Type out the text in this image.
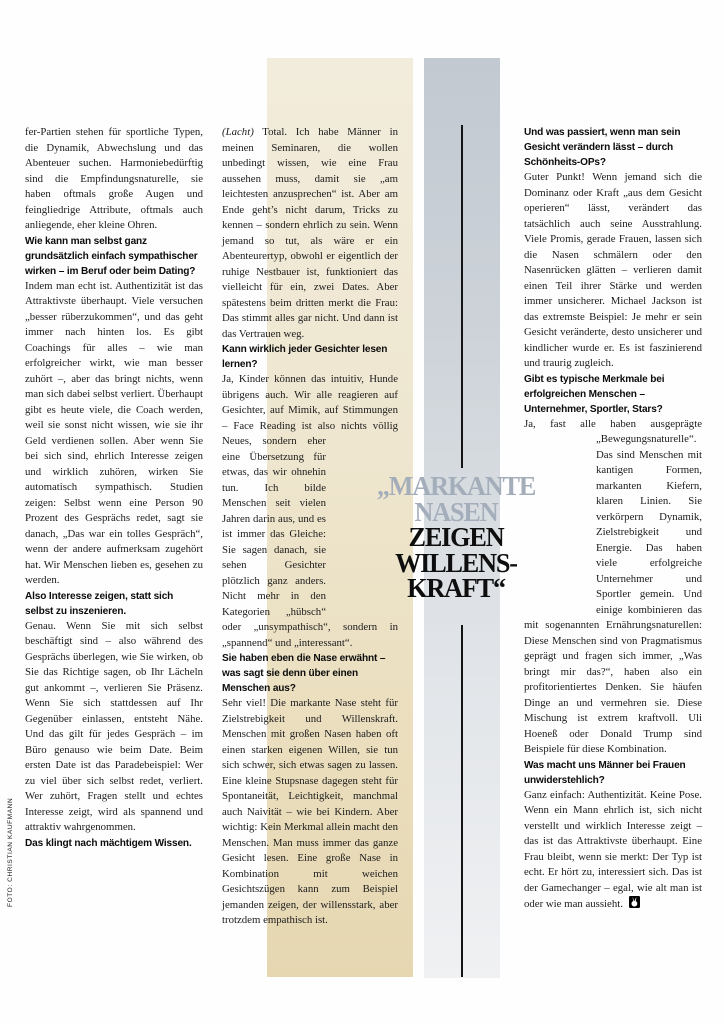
FOTO: CHRISTIAN KAUFMANN

fer-Partien stehen für sportliche Typen, die Dynamik, Abwechslung und das Abenteuer suchen. Harmoniebedürftig sind die Empfindungsnaturelle, sie haben oftmals große Augen und feingliedrige Attribute, oftmals auch anliegende, eher kleine Ohren.

Wie kann man selbst ganz grundsätzlich einfach sympathischer wirken – im Beruf oder beim Dating?

Indem man echt ist. Authentizität ist das Attraktivste überhaupt. Viele versuchen „besser rüberzukommen“, und das geht immer nach hinten los. Es gibt Coachings für alles – wie man erfolgreicher wirkt, wie man besser zuhört –, aber das bringt nichts, wenn man sich dabei selbst verliert. Überhaupt gibt es heute viele, die Coach werden, weil sie sonst nicht wissen, wie sie ihr Geld verdienen sollen. Aber wenn Sie bei sich sind, ehrlich Interesse zeigen und wirklich zuhören, wirken Sie automatisch sympathisch. Studien zeigen: Selbst wenn eine Person 90 Prozent des Gesprächs redet, sagt sie danach, „Das war ein tolles Gespräch“, wenn der andere aufmerksam zugehört hat. Wir Menschen lieben es, gesehen zu werden.

Also Interesse zeigen, statt sich selbst zu inszenieren.

Genau. Wenn Sie mit sich selbst beschäftigt sind – also während des Gesprächs überlegen, wie Sie wirken, ob Sie das Richtige sagen, ob Ihr Lächeln gut ankommt –, verlieren Sie Präsenz. Wenn Sie sich stattdessen auf Ihr Gegenüber einlassen, entsteht Nähe. Und das gilt für jedes Gespräch – im Büro genauso wie beim Date. Beim ersten Date ist das Paradebeispiel: Wer zu viel über sich selbst redet, verliert. Wer zuhört, Fragen stellt und echtes Interesse zeigt, wird als spannend und attraktiv wahrgenommen.

Das klingt nach mächtigem Wissen.

(Lacht) Total. Ich habe Männer in meinen Seminaren, die wollen unbedingt wissen, wie eine Frau aussehen muss, damit sie „am leichtesten anzusprechen“ ist. Aber am Ende geht’s nicht darum, Tricks zu kennen – sondern ehrlich zu sein. Wenn jemand so tut, als wäre er ein Abenteurertyp, obwohl er eigentlich der ruhige Nestbauer ist, funktioniert das vielleicht für ein, zwei Dates. Aber spätestens beim dritten merkt die Frau: Das stimmt alles gar nicht. Und dann ist das Vertrauen weg.

Kann wirklich jeder Gesichter lesen lernen?

Ja, Kinder können das intuitiv, Hunde übrigens auch. Wir alle reagieren auf Gesichter, auf Mimik, auf Stimmungen – Face Reading ist also nichts völlig Neues, sondern eher eine Übersetzung für etwas, das wir ohnehin tun. Ich bilde Menschen seit vielen Jahren darin aus, und es ist immer das Gleiche: Sie sagen danach, sie sehen Gesichter plötzlich ganz anders. Nicht mehr in den Kategorien „hübsch“ oder „unsympathisch“, sondern in „spannend“ und „interessant“.

Sie haben eben die Nase erwähnt – was sagt sie denn über einen Menschen aus?

Sehr viel! Die markante Nase steht für Zielstrebigkeit und Willenskraft. Menschen mit großen Nasen haben oft einen starken eigenen Willen, sie tun sich schwer, sich etwas sagen zu lassen. Eine kleine Stupsnase dagegen steht für Spontaneität, Leichtigkeit, manchmal auch Naivität – wie bei Kindern. Aber wichtig: Kein Merkmal allein macht den Menschen. Man muss immer das ganze Gesicht lesen. Eine große Nase in Kombination mit weichen Gesichtszügen kann zum Beispiel jemanden zeigen, der willensstark, aber trotzdem empathisch ist.

Und was passiert, wenn man sein Gesicht verändern lässt – durch Schönheits-OPs?

Guter Punkt! Wenn jemand sich die Dominanz oder Kraft „aus dem Gesicht operieren“ lässt, verändert das tatsächlich auch seine Ausstrahlung. Viele Promis, gerade Frauen, lassen sich die Nasen schmälern oder den Nasenrücken glätten – verlieren damit einen Teil ihrer Stärke und werden immer unsicherer. Michael Jackson ist das extremste Beispiel: Je mehr er sein Gesicht veränderte, desto unsicherer und kindlicher wurde er. Es ist faszinierend und traurig zugleich.

Gibt es typische Merkmale bei erfolgreichen Menschen – Unternehmer, Sportler, Stars?

Ja, fast alle haben ausgeprägte „Bewegungsnaturelle“. Das sind Menschen mit kantigen Formen, markanten Kiefern, klaren Linien. Sie verkörpern Dynamik, Zielstrebigkeit und Energie. Das haben viele erfolgreiche Unternehmer und Sportler gemein. Und einige kombinieren das mit sogenannten Ernährungsnaturellen: Diese Menschen sind von Pragmatismus geprägt und fragen sich immer, „Was bringt mir das?“, haben also ein profitorientiertes Denken. Sie häufen Dinge an und vermehren sie. Diese Mischung ist extrem kraftvoll. Uli Hoeneß oder Donald Trump sind Beispiele für diese Kombination.

Was macht uns Männer bei Frauen unwiderstehlich?

Ganz einfach: Authentizität. Keine Pose. Wenn ein Mann ehrlich ist, sich nicht verstellt und wirklich Interesse zeigt – das ist das Attraktivste überhaupt. Eine Frau bleibt, wenn sie merkt: Der Typ ist echt. Er hört zu, interessiert sich. Das ist der Gamechanger – egal, wie alt man ist oder wie man aussieht.

„MARKANTE
NASEN
ZEIGEN
WILLENS-
KRAFT“
